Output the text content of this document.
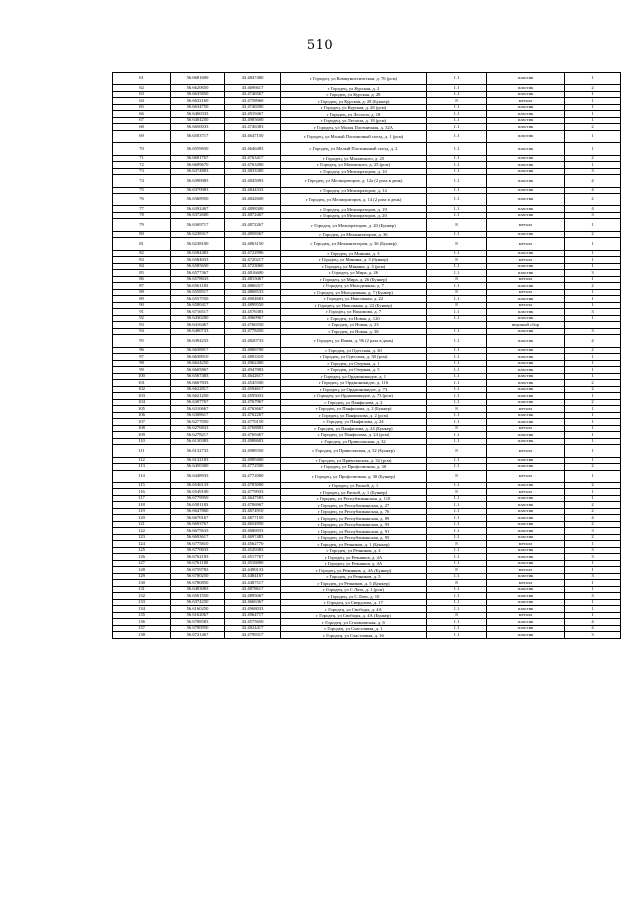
510
61	56.6681600	43.4847480	г Городец, ул Коммунистическая, д. 76 (рсм)	1.1	пластик	1
62	56.6620650	43.4696617	г Городец, ул Курская, д. 2	1.1	пластик	2
63	56.6635850	43.4746567	г Городец, ул Курская, д. 28	1.1	пластик	1
64	56.6632160	43.4758960	г Городец, ул Курская, д. 28 (Бункер)	8	металл	1
65	56.6634750	43.4746500	г Городец, ул Курская, д. 28 (рсм)	1.1	пластик	1
66	56.6460333	43.4919467	г Городец, ул Лесхоза, д. 18	1.1	пластик	1
67	56.6404250	43.4905600	г Городец, ул Лесхоза, д. 18 (рсм)	1.1	пластик	1
68	56.6650033	43.4746383	г Городец, ул Малая Плотничная, д. 32А	1.1	пластик	2
69	56.6503717	43.4647150	г Городец, ул Малый Плотничный съезд, д. 1 (рсм)	1.1	пластик	1
70	56.6559650	43.4646483	г Городец, ул Малый Плотничный съезд, д. 2	1.1	пластик	1
71	56.6601767	43.4763417	г Городец, ул Маховского, д. 25	1.1	пластик	2
72	56.6609670	43.4763490	г Городец, ул Маховского, д. 25 (рсм)	1.1	пластик	1
73	56.6374883	43.4833300	г Городец, ул Мелиораторов, д. 10	1.1	пластик	3
74	56.6390083	43.4845083	г Городец, ул Мелиораторов, д. 12а (2 раза в день)	1.1	пластик	4
75	56.6370983	43.4844333	г Городец, ул Мелиораторов, д. 14	1.1	пластик	4
76	56.6368950	43.4842600	г Городец, ул Мелиораторов, д. 14 (2 раза в день)	1.1	пластик	2
77	56.6392467	43.4898300	г Городец, ул Мелиораторов, д. 19	1.1	пластик	4
78	56.6372600	43.4872467	г Городец, ул Мелиораторов, д. 20	1.1	пластик	3
79	56.6369717	43.4872267	г Городец, ул Мелиораторов, д. 20 (Бункер)	8	металл	1
80	56.6238317	43.4858367	г Городец, ул Механизаторов, д. 36	1.1	пластик	2
81	56.6238100	43.4863150	г Городец, ул Механизаторов, д. 36 (Бункер)	8	металл	1
82	56.6584483	43.4722996	г Городец, ул Минина, д. 3	1.1	пластик	1
83	56.6584033	43.4720217	г Городец, ул Минина, д. 3 (бункер)	8	металл	1
84	56.6585650	43.4723060	г Городец, ул Минина, д. 3 (рсм)	1.1	пластик	1
85	56.6577367	43.4816600	г Городец, ул Мира, д. 26	1.1	пластик	3
86	56.6578633	43.4815067	г Городец, ул Мира, д. 26 (Бункер)	8	металл	1
87	56.6561183	43.4866317	г Городец, ул Молодежная, д. 7	1.1	пластик	2
88	56.6558517	43.4868533	г Городец, ул Молодежная, д. 7 (Бункер)	8	металл	1
89	56.6557550	43.4904683	г Городец, ул Напольная, д. 22	1.1	пластик	1
90	56.6580417	43.4899550	г Городец, ул Напольная, д. 22 (Бункер)	8	металл	1
91	56.6716517	43.4576383	г Городец, ул Нахимова, д. 7	1.1	пластик	3
92	56.6430200	43.4960967	г Городец, ул Новая, д. 120	1.1	пластик	1
93	56.6416467	43.4766550	г Городец, ул Новая, д. 23		ведомый сбор	
94	56.6400733	43.4778450	г Городец, ул Новая, д. 38	1.1	пластик	3
95	56.6394233	43.4820733	г Городец, ул Новая, д. 96 (2 раза в день)	1.1	пластик	4
96	56.6638817	43.4806700	г Городец, ул Одесская, д. 30	1.1	пластик	2
97	56.6638910	43.4803310	г Городец, ул Одесская, д. 30 (рсм)	1.1	пластик	1
98	56.6624250	43.4962400	г Городец, ул Озерная, д. 1	1.1	пластик	1
99	56.6605867	43.4947883	г Городец, ул Озерная, д. 5	1.1	пластик	1
100	56.6567483	43.4642617	г Городец, ул Орджоникидзе, д. 1	1.1	пластик	1
101	56.6667833	43.4545500	г Городец, ул Орджоникидзе, д. 116	1.1	пластик	2
102	56.6622817	43.4594617	г Городец, ул Орджоникидзе, д. 73	1.1	пластик	2
103	56.6621250	43.4595033	г Городец, ул Орджоникидзе, д. 73 (рсм)	1.1	пластик	1
104	56.6307767	43.4767967	г Городец, ул Панфилова, д. 2	1.1	пластик	2
105	56.6310667	43.4763667	г Городец, ул Панфилова, д. 2 (Бункер)	8	металл	1
106	56.6308617	43.4762267	г Городец, ул Панфилова, д. 2 (рсм)	1.1	пластик	1
107	56.6277050	43.4770150	г Городец, ул Панфилова, д. 24	1.1	пластик	1
108	56.6276833	43.4768883	г Городец, ул Панфилова, д. 24 (Бункер)	8	металл	1
109	56.6278217	43.4769467	г Городец, ул Панфилова, д. 24 (рсм)	1.1	пластик	1
110	56.6130383	43.4988683	г Городец, ул Приволжская, д. 32	1.1	пластик	1
111	56.6132733	43.4988350	г Городец, ул Приволжская, д. 32 (Бункер)	8	металл	1
112	56.6132183	43.4989400	г Городец, ул Приволжская, д. 32 (рсм)	1.1	пластик	1
113	56.6450300	43.4772500	г Городец, ул Профсоюзная, д. 30	1.1	пластик	2
114	56.6448933	43.4772000	г Городец, ул Профсоюзная, д. 30 (Бункер)	8	металл	1
115	56.6546133	43.4783000	г Городец, ул Раской, д. 1	1.1	пластик	2
116	56.6549100	43.4779933	г Городец, ул Раской, д. 1 (Бункер)	8	металл	1
117	56.6779950	43.4647583	г Городец, ул Республиканская, д. 110	1.1	пластик	1
118	56.6581183	43.4706967	г Городец, ул Республиканская, д. 27	1.1	пластик	2
119	56.6647860	43.4674910	г Городец, ул Республиканская, д. 76	1.1	пластик	2
120	56.6670167	43.4677150	г Городец, ул Республиканская, д. 89	1.1	пластик	4
121	56.6693767	43.4654950	г Городец, ул Республиканская, д. 93	1.1	пластик	2
122	56.6675633	43.4686933	г Городец, ул Республиканская, д. 91	1.1	пластик	3
123	56.6693617	43.4697483	г Городец, ул Республиканская, д. 95	1.1	пластик	2
124	56.6775810	43.4562770	г Городец, ул Речников, д. 1 (Бункер)	8	металл	1
125	56.6770633	43.4520383	г Городец, ул Речников, д. 4	1.1	пластик	3
126	56.6762183	43.4517767	г Городец, ул Речников, д. 4А	1.1	пластик	3
127	56.6761100	43.4516000	г Городец, ул Речников, д. 4А	1.1	пластик	1
128	56.6759783	43.4490133	г Городец, ул Речников, д. 4А (Бункер)	8	металл	1
129	56.6780250	43.4484167	г Городец, ул Речников, д. 5	1.1	пластик	3
130	56.6780850	43.4487517	г Городец, ул Речников, д. 5 (Бункер)	8	металл	1
131	56.6483083	43.4878617	г Городец, ул С Лазо, д. 1 (рсм)	1.1	пластик	1
132	56.6501550	43.4895067	г Городец, ул С Лазо, д. 10	1.1	пластик	3
133	56.6374250	43.4666367	г Городец, ул Свердлова, д. 17	1.1	пластик	1
134	56.6160250	43.4968033	г Городец, ул Свободы, д. 4А	1.1	пластик	1
135	56.6162067	43.4964717	г Городец, ул Свободы, д. 4А (Бункер)	8	металл	1
136	56.6708583	43.4575650	г Городец, ул Стахановская, д. 6	1.1	пластик	4
137	56.6700950	43.4824417	г Городец, ул Счастливая, д. 1	1.1	пластик	4
138	56.6721467	43.4799317	г Городец, ул Счастливая, д. 16	1.1	пластик	3
